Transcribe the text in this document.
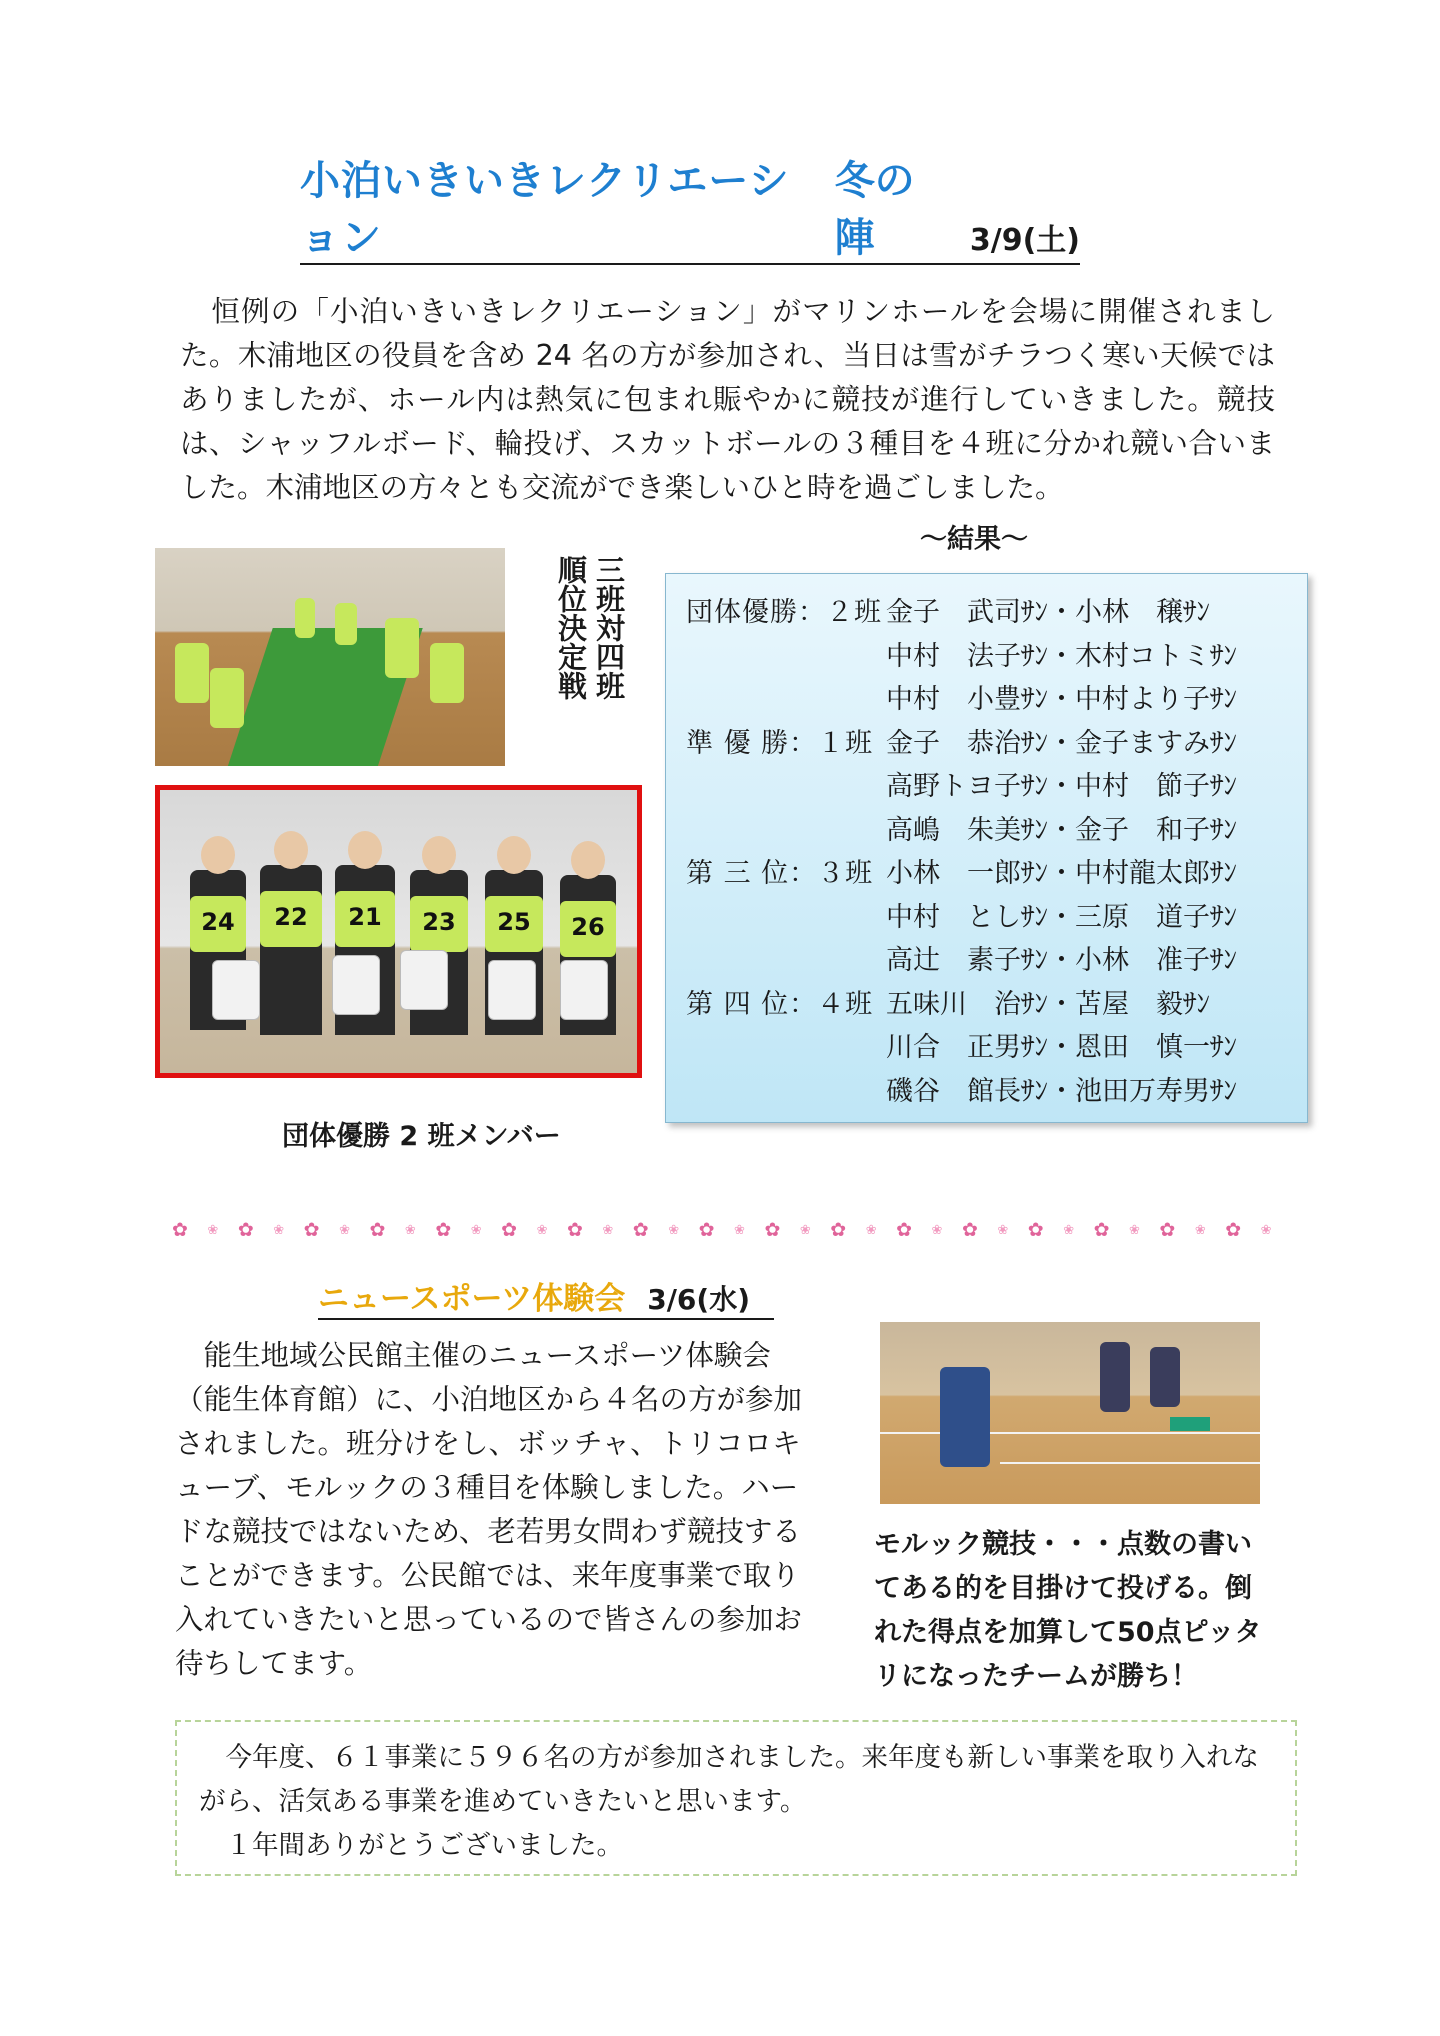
小泊いきいきレクリエーション
冬の陣	3/9(土)

恒例の「小泊いきいきレクリエーション」がマリンホールを会場に開催されました。木浦地区の役員を含め 24 名の方が参加され、当日は雪がチラつく寒い天候ではありましたが、ホール内は熱気に包まれ賑やかに競技が進行していきました。競技は、シャッフルボード、輪投げ、スカットボールの３種目を４班に分かれ競い合いました。木浦地区の方々とも交流ができ楽しいひと時を過ごしました。

三班対四班順位決定戦
24	22	21	23	25	26
団体優勝 2 班メンバー
～結果～
団体優勝：２班 金子　武司ｻﾝ・小林　穣ｻﾝ
中村　法子ｻﾝ・木村コトミｻﾝ
中村　小豊ｻﾝ・中村より子ｻﾝ
準 優 勝：１班 金子　恭治ｻﾝ・金子ますみｻﾝ
高野トヨ子ｻﾝ・中村　節子ｻﾝ
高嶋　朱美ｻﾝ・金子　和子ｻﾝ
第 三 位：３班 小林　一郎ｻﾝ・中村龍太郎ｻﾝ
中村　としｻﾝ・三原　道子ｻﾝ
高辻　素子ｻﾝ・小林　准子ｻﾝ
第 四 位：４班 五味川　治ｻﾝ・苫屋　毅ｻﾝ
川合　正男ｻﾝ・恩田　慎一ｻﾝ
磯谷　館長ｻﾝ・池田万寿男ｻﾝ
✿ ❀ ✿ ❀ ✿ ❀ ✿ ❀ ✿ ❀ ✿ ❀ ✿ ❀ ✿ ❀ ✿ ❀ ✿ ❀ ✿ ❀ ✿ ❀ ✿ ❀ ✿ ❀ ✿ ❀ ✿ ❀ ✿ ❀
ニュースポーツ体験会 3/6(水)

能生地域公民館主催のニュースポーツ体験会（能生体育館）に、小泊地区から４名の方が参加されました。班分けをし、ボッチャ、トリコロキューブ、モルックの３種目を体験しました。ハードな競技ではないため、老若男女問わず競技することができます。公民館では、来年度事業で取り入れていきたいと思っているので皆さんの参加お待ちしてます。

モルック競技・・・点数の書いてある的を目掛けて投げる。倒れた得点を加算して50点ピッタリになったチームが勝ち！
今年度、６１事業に５９６名の方が参加されました。来年度も新しい事業を取り入れながら、活気ある事業を進めていきたいと思います。
１年間ありがとうございました。
